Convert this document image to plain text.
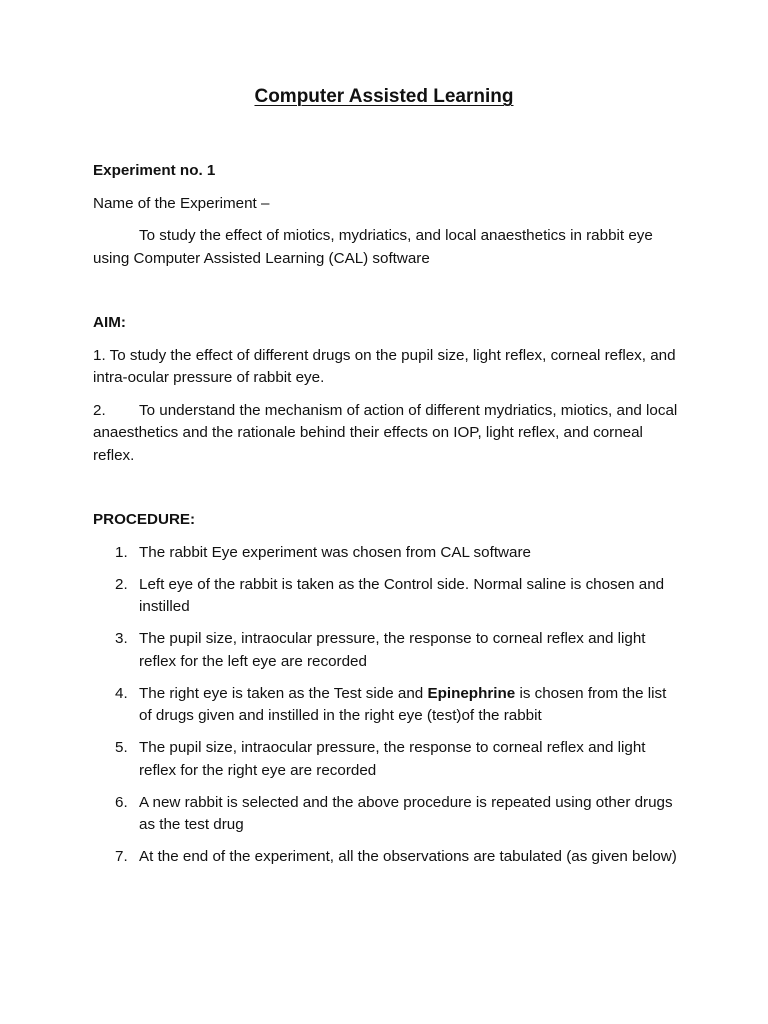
Computer Assisted Learning

Experiment no. 1

Name of the Experiment –

To study the effect of miotics, mydriatics, and local anaesthetics in rabbit eye using Computer Assisted Learning (CAL) software

AIM:

1. To study the effect of different drugs on the pupil size, light reflex, corneal reflex, and intra-ocular pressure of rabbit eye.

2. To understand the mechanism of action of different mydriatics, miotics, and local anaesthetics and the rationale behind their effects on IOP, light reflex, and corneal reflex.

PROCEDURE:

1. The rabbit Eye experiment was chosen from CAL software
2. Left eye of the rabbit is taken as the Control side. Normal saline is chosen and instilled
3. The pupil size, intraocular pressure, the response to corneal reflex and light reflex for the left eye are recorded
4. The right eye is taken as the Test side and Epinephrine is chosen from the list of drugs given and instilled in the right eye (test)of the rabbit
5. The pupil size, intraocular pressure, the response to corneal reflex and light reflex for the right eye are recorded
6. A new rabbit is selected and the above procedure is repeated using other drugs as the test drug
7. At the end of the experiment, all the observations are tabulated (as given below)
